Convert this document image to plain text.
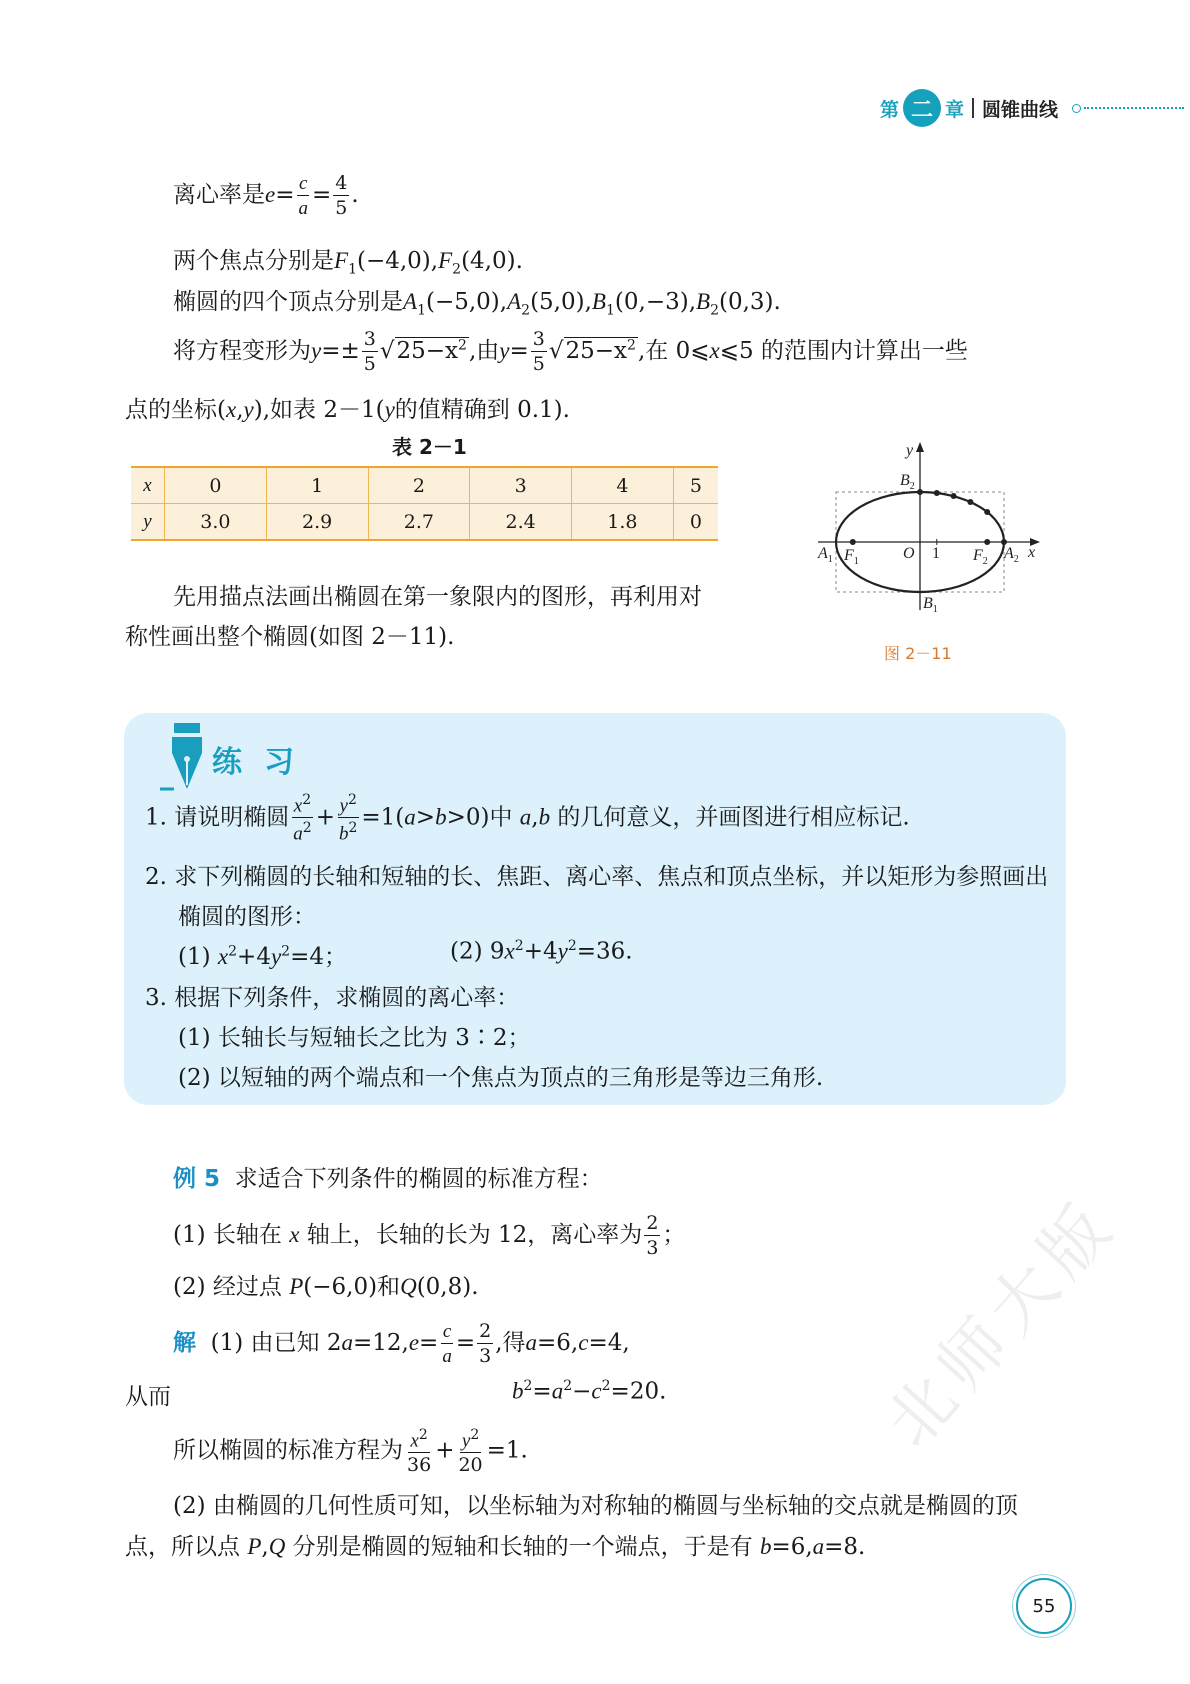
第 二 章 圆锥曲线
离心率是$e= \frac{c}{a} = \frac{4}{5}$ .
两个焦点分别是$F_1(-4,0),F_2(4,0)$.
椭圆的四个顶点分别是$A_1(-5,0),A_2(5,0),B_1(0,-3),B_2(0,3)$.
将方程变形为$y=\pm \frac{3}{5} √25-x^2$,由$y= \frac{3}{5} √25-x^2$,在 0⩽x⩽5 的范围内计算出一些
点的坐标(x,y),如表 2－1(y的值精确到 0.1).
表 2－1
x	0	1	2	3	4	5
y	3.0	2.9	2.7	2.4	1.8	0
先用描点法画出椭圆在第一象限内的图形，再利用对
称性画出整个椭圆(如图 2－11).
y
x
$B_2$
$B_1$
$A_1$	$A_2$
$F_1$	$F_2$
O 1
图 2－11
练习
1. 请说明椭圆 $\frac{x^2}{a^2} + \frac{y^2}{b^2} =1(a>b>0)$中 a,b 的几何意义，并画图进行相应标记.
2. 求下列椭圆的长轴和短轴的长、焦距、离心率、焦点和顶点坐标，并以矩形为参照画出
椭圆的图形：
(1) $x^2+4y^2=4$；	(2) $9x^2+4y^2=36$.
3. 根据下列条件，求椭圆的离心率：
(1) 长轴长与短轴长之比为 3∶2；
(2) 以短轴的两个端点和一个焦点为顶点的三角形是等边三角形.
例 5 求适合下列条件的椭圆的标准方程：
(1) 长轴在 x 轴上，长轴的长为 12，离心率为 $\frac{2}{3}$ ；
(2) 经过点 P(−6,0)和Q(0,8).
解 (1) 由已知 $2a=12,e= \frac{c}{a} = \frac{2}{3}$ ,得a=6,c=4,
从而	$b^2=a^2-c^2=20$.
所以椭圆的标准方程为 $\frac{x^2}{36} + \frac{y^2}{20} =1$.
(2) 由椭圆的几何性质可知，以坐标轴为对称轴的椭圆与坐标轴的交点就是椭圆的顶
点，所以点 P,Q 分别是椭圆的短轴和长轴的一个端点，于是有 b=6,a=8.
北师大版
55
